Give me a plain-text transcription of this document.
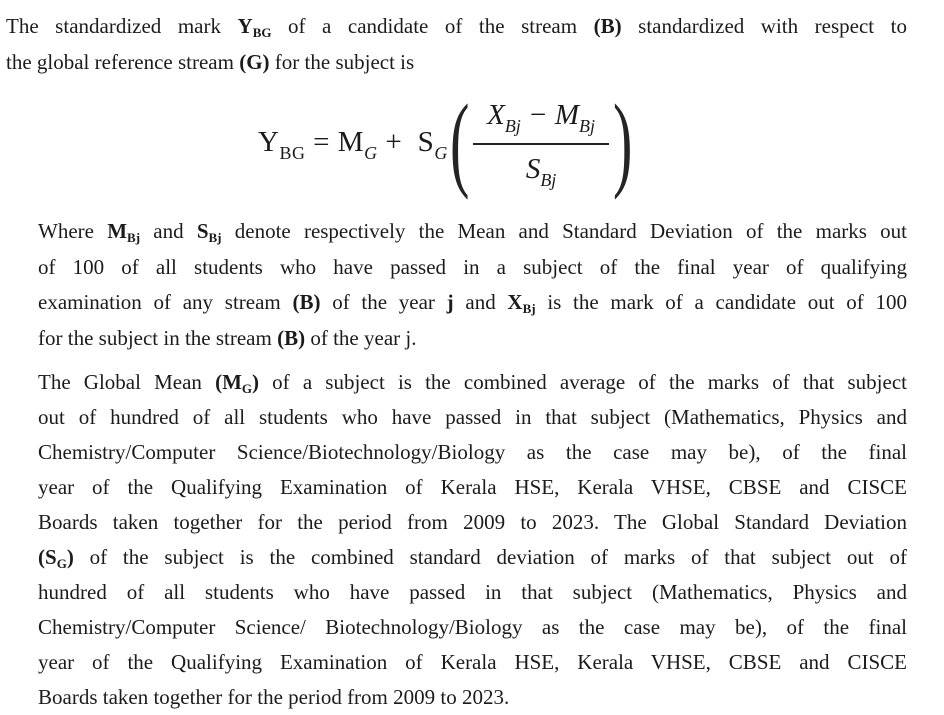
The standardized mark $Y_{BG}$ of a candidate of the stream (B) standardized with respect to
the global reference stream (G) for the subject is
$Y_{BG} = M_G + S_G$ ( $\frac{X_{Bj} - M_{Bj}}{S_{Bj}}$ )
Where $M_{Bj}$ and $S_{Bj}$ denote respectively the Mean and Standard Deviation of the marks out
of 100 of all students who have passed in a subject of the final year of qualifying
examination of any stream (B) of the year j and $X_{Bj}$ is the mark of a candidate out of 100
for the subject in the stream (B) of the year j.
The Global Mean $(M_G)$ of a subject is the combined average of the marks of that subject
out of hundred of all students who have passed in that subject (Mathematics, Physics and
Chemistry/Computer Science/Biotechnology/Biology as the case may be), of the final
year of the Qualifying Examination of Kerala HSE, Kerala VHSE, CBSE and CISCE
Boards taken together for the period from 2009 to 2023. The Global Standard Deviation
$(S_G)$ of the subject is the combined standard deviation of marks of that subject out of
hundred of all students who have passed in that subject (Mathematics, Physics and
Chemistry/Computer Science/ Biotechnology/Biology as the case may be), of the final
year of the Qualifying Examination of Kerala HSE, Kerala VHSE, CBSE and CISCE
Boards taken together for the period from 2009 to 2023.
